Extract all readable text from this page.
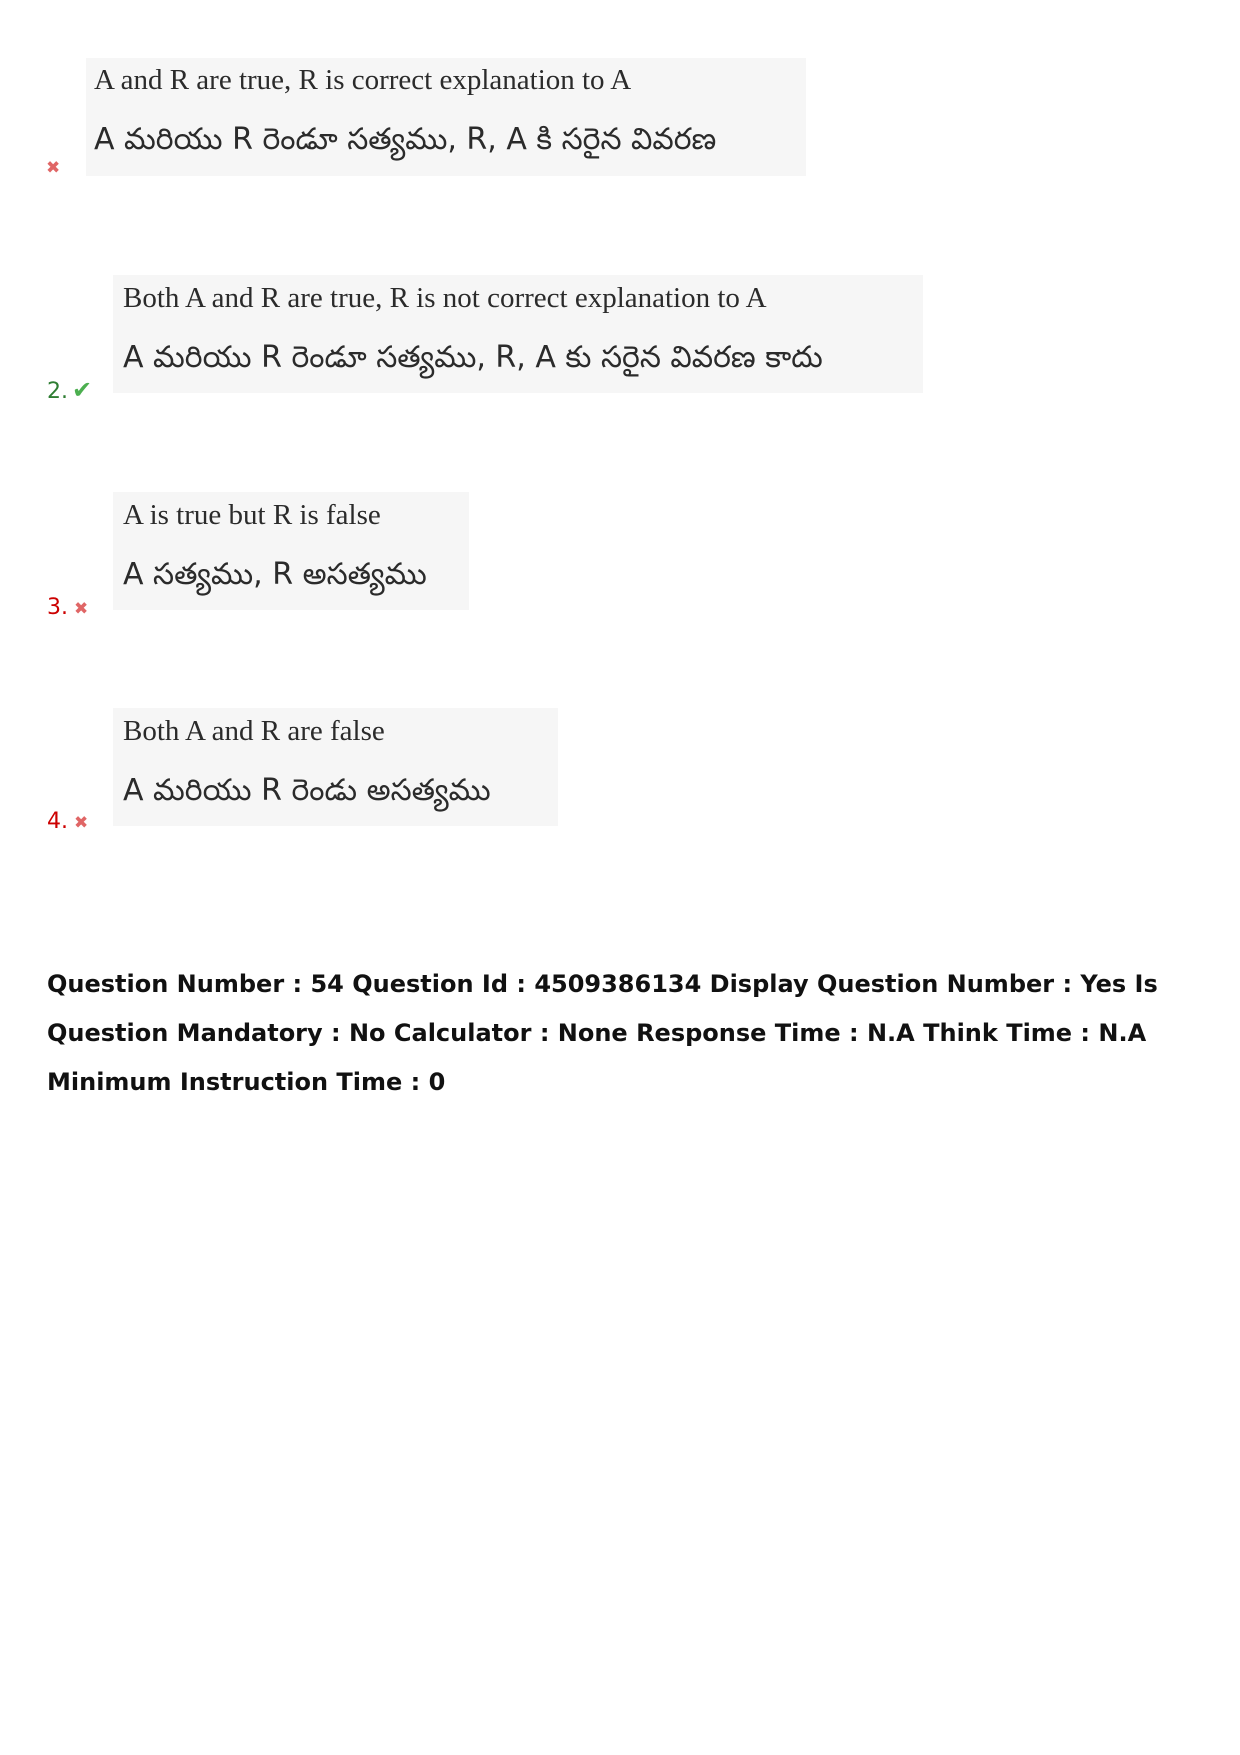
A and R are true, R is correct explanation to A
A మరియు R రెండూ సత్యము, R, A కి సరైన వివరణ
✖
Both A and R are true, R is not correct explanation to A
A మరియు R రెండూ సత్యము, R, A కు సరైన వివరణ కాదు
2. ✔
A is true but R is false
A సత్యము, R అసత్యము
3. ✖
Both A and R are false
A మరియు R రెండు అసత్యము
4. ✖
Question Number : 54 Question Id : 4509386134 Display Question Number : Yes Is Question Mandatory : No Calculator : None Response Time : N.A Think Time : N.A Minimum Instruction Time : 0
